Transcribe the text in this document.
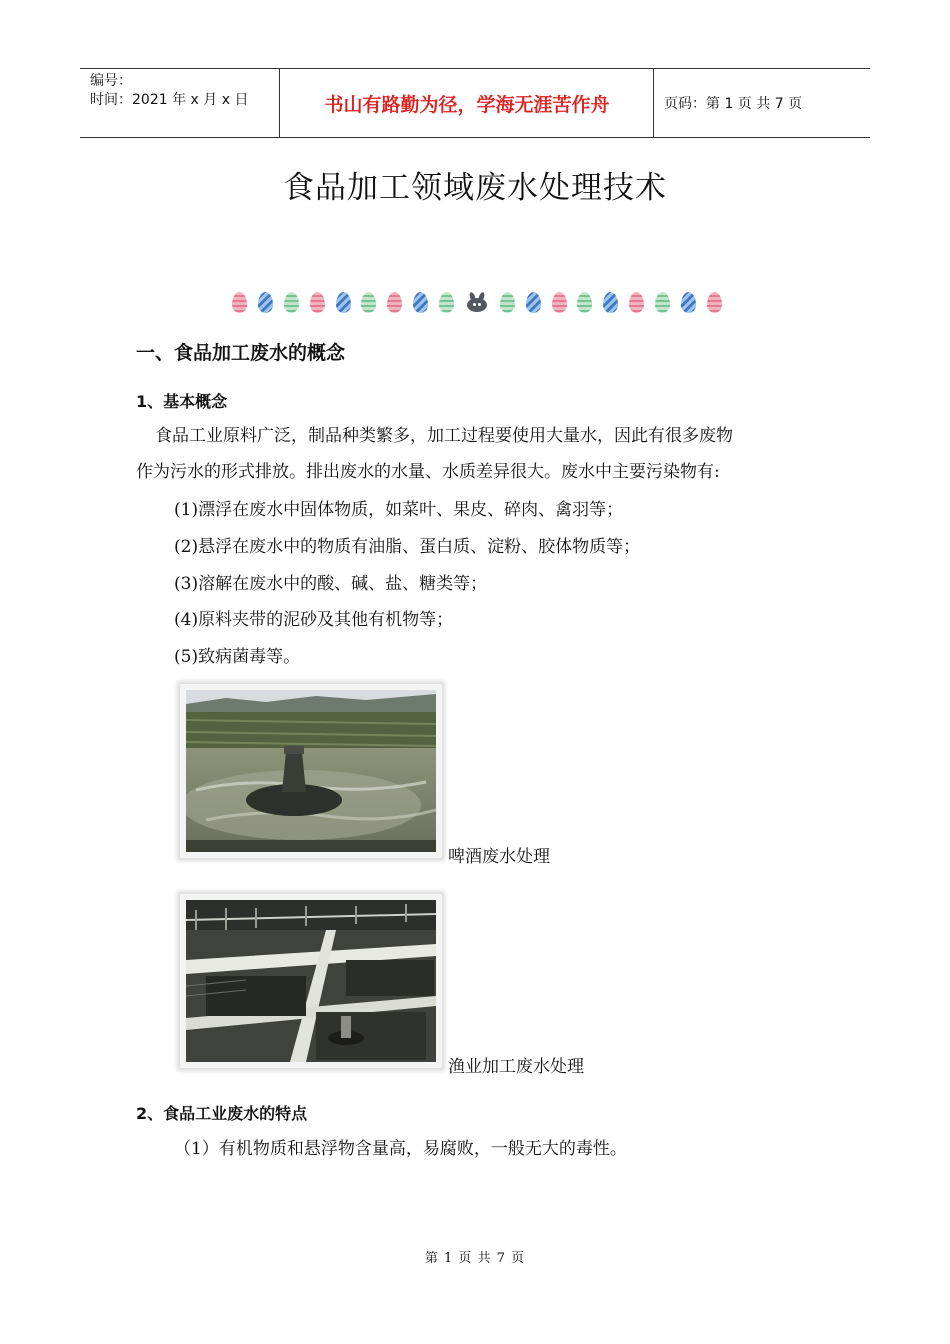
编号：
时间：2021 年 x 月 x 日	书山有路勤为径，学海无涯苦作舟	页码：第 1 页 共 7 页
食品加工领域废水处理技术
一、食品加工废水的概念
1、基本概念
食品工业原料广泛，制品种类繁多，加工过程要使用大量水，因此有很多废物
作为污水的形式排放。排出废水的水量、水质差异很大。废水中主要污染物有:
(1)漂浮在废水中固体物质，如菜叶、果皮、碎肉、禽羽等；
(2)悬浮在废水中的物质有油脂、蛋白质、淀粉、胶体物质等；
(3)溶解在废水中的酸、碱、盐、糖类等；
(4)原料夹带的泥砂及其他有机物等；
(5)致病菌毒等。
啤酒废水处理
渔业加工废水处理
2、食品工业废水的特点
（1）有机物质和悬浮物含量高，易腐败，一般无大的毒性。
第 1 页 共 7 页
